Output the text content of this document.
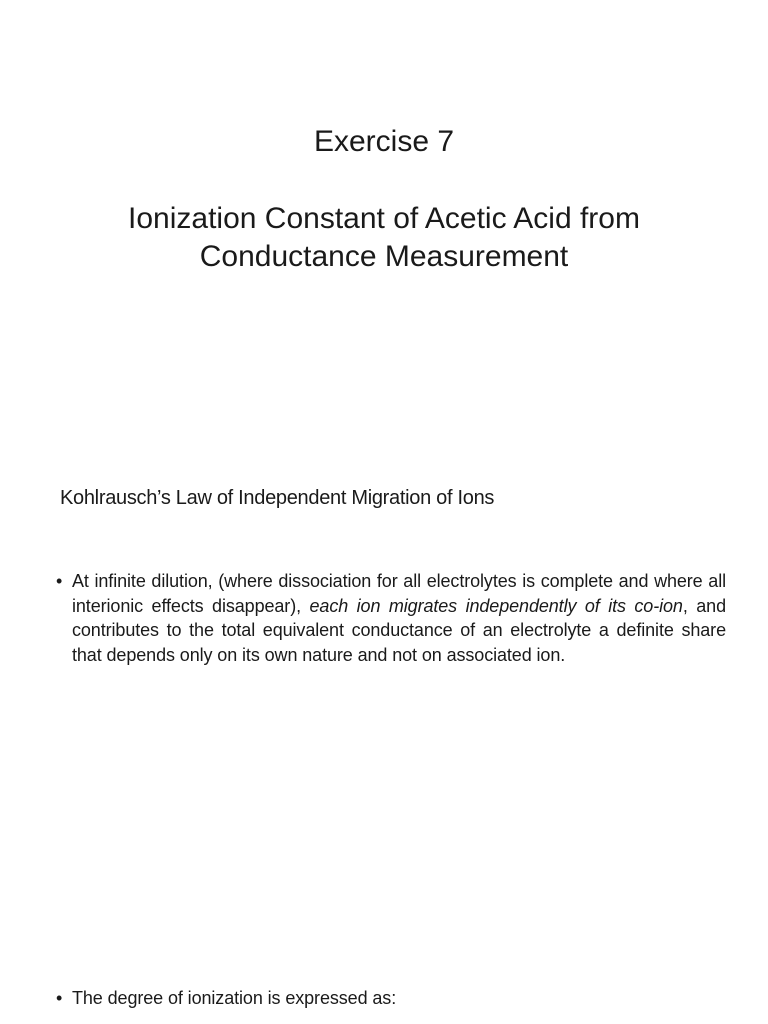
Exercise 7
Ionization Constant of Acetic Acid from
Conductance Measurement
Kohlrausch’s Law of Independent Migration of Ions

• At infinite dilution, (where dissociation for all electrolytes is complete and where all interionic effects disappear), each ion migrates independently of its co-ion, and contributes to the total equivalent conductance of an electrolyte a definite share that depends only on its own nature and not on associated ion.

• The degree of ionization is expressed as:
